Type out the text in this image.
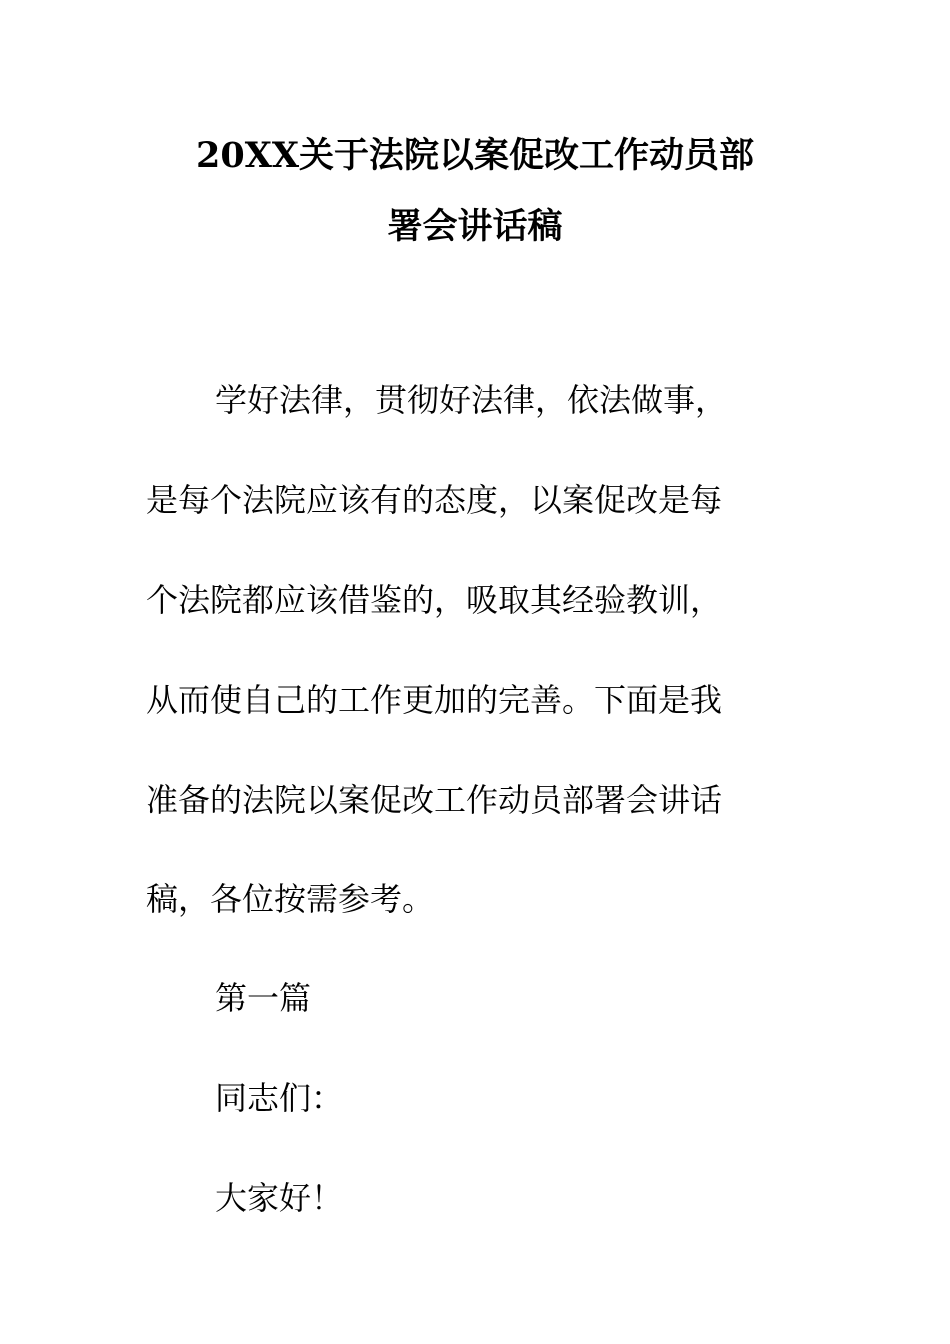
20XX关于法院以案促改工作动员部
署会讲话稿
学好法律，贯彻好法律，依法做事，
是每个法院应该有的态度，以案促改是每
个法院都应该借鉴的，吸取其经验教训，
从而使自己的工作更加的完善。下面是我
准备的法院以案促改工作动员部署会讲话
稿，各位按需参考。
第一篇
同志们：
大家好！
